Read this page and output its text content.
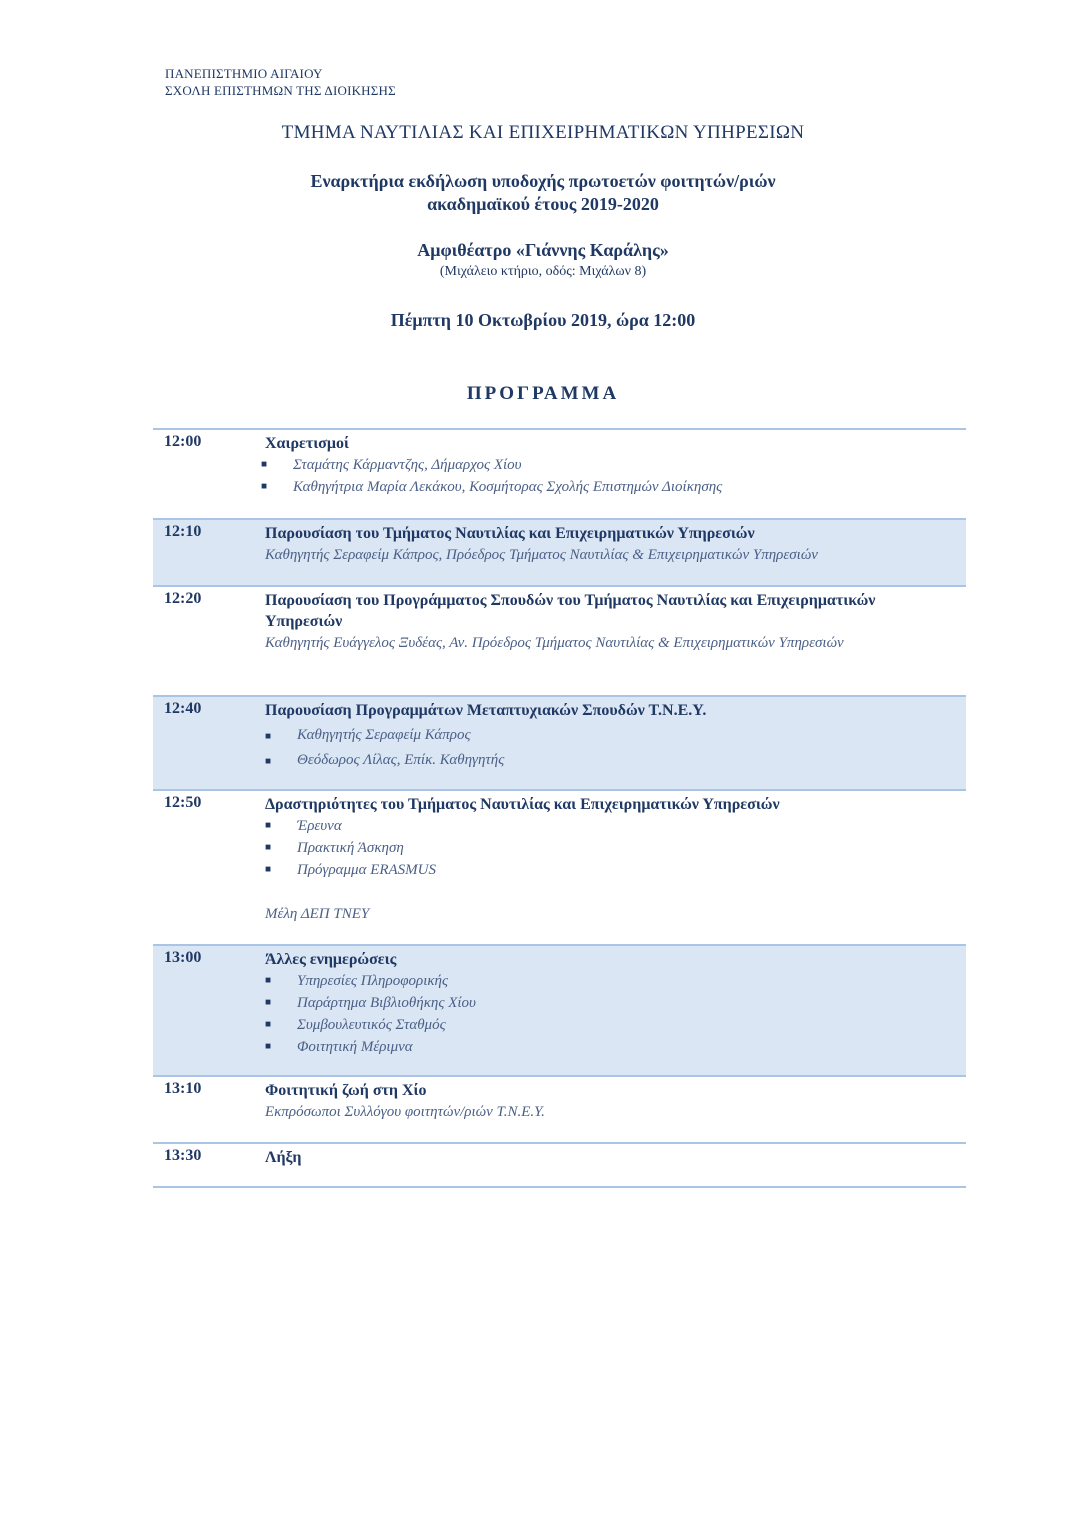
ΠΑΝΕΠΙΣΤΗΜΙΟ ΑΙΓΑΙΟΥ
ΣΧΟΛΗ ΕΠΙΣΤΗΜΩΝ ΤΗΣ ΔΙΟΙΚΗΣΗΣ
ΤΜΗΜΑ ΝΑΥΤΙΛΙΑΣ ΚΑΙ ΕΠΙΧΕΙΡΗΜΑΤΙΚΩΝ ΥΠΗΡΕΣΙΩΝ
Εναρκτήρια εκδήλωση υποδοχής πρωτοετών φοιτητών/ριών
ακαδημαϊκού έτους 2019-2020
Αμφιθέατρο «Γιάννης Καράλης»
(Μιχάλειο κτήριο, οδός: Μιχάλων 8)
Πέμπτη 10 Οκτωβρίου 2019, ώρα 12:00
ΠΡΟΓΡΑΜΜΑ
12:00	Χαιρετισμοί
■ Σταμάτης Κάρμαντζης, Δήμαρχος Χίου
■ Καθηγήτρια Μαρία Λεκάκου, Κοσμήτορας Σχολής Επιστημών Διοίκησης
12:10	Παρουσίαση του Τμήματος Ναυτιλίας και Επιχειρηματικών Υπηρεσιών
Καθηγητής Σεραφείμ Κάπρος, Πρόεδρος Τμήματος Ναυτιλίας & Επιχειρηματικών Υπηρεσιών
12:20	Παρουσίαση του Προγράμματος Σπουδών του Τμήματος Ναυτιλίας και Επιχειρηματικών Υπηρεσιών
Καθηγητής Ευάγγελος Ξυδέας, Αν. Πρόεδρος Τμήματος Ναυτιλίας & Επιχειρηματικών Υπηρεσιών
12:40	Παρουσίαση Προγραμμάτων Μεταπτυχιακών Σπουδών Τ.Ν.Ε.Υ.
■ Καθηγητής Σεραφείμ Κάπρος
■ Θεόδωρος Λίλας, Επίκ. Καθηγητής
12:50	Δραστηριότητες του Τμήματος Ναυτιλίας και Επιχειρηματικών Υπηρεσιών
■ Έρευνα
■ Πρακτική Άσκηση
■ Πρόγραμμα ERASMUS
Μέλη ΔΕΠ ΤΝΕΥ
13:00	Άλλες ενημερώσεις
■ Υπηρεσίες Πληροφορικής
■ Παράρτημα Βιβλιοθήκης Χίου
■ Συμβουλευτικός Σταθμός
■ Φοιτητική Μέριμνα
13:10	Φοιτητική ζωή στη Χίο
Εκπρόσωποι Συλλόγου φοιτητών/ριών Τ.Ν.Ε.Υ.
13:30	Λήξη
